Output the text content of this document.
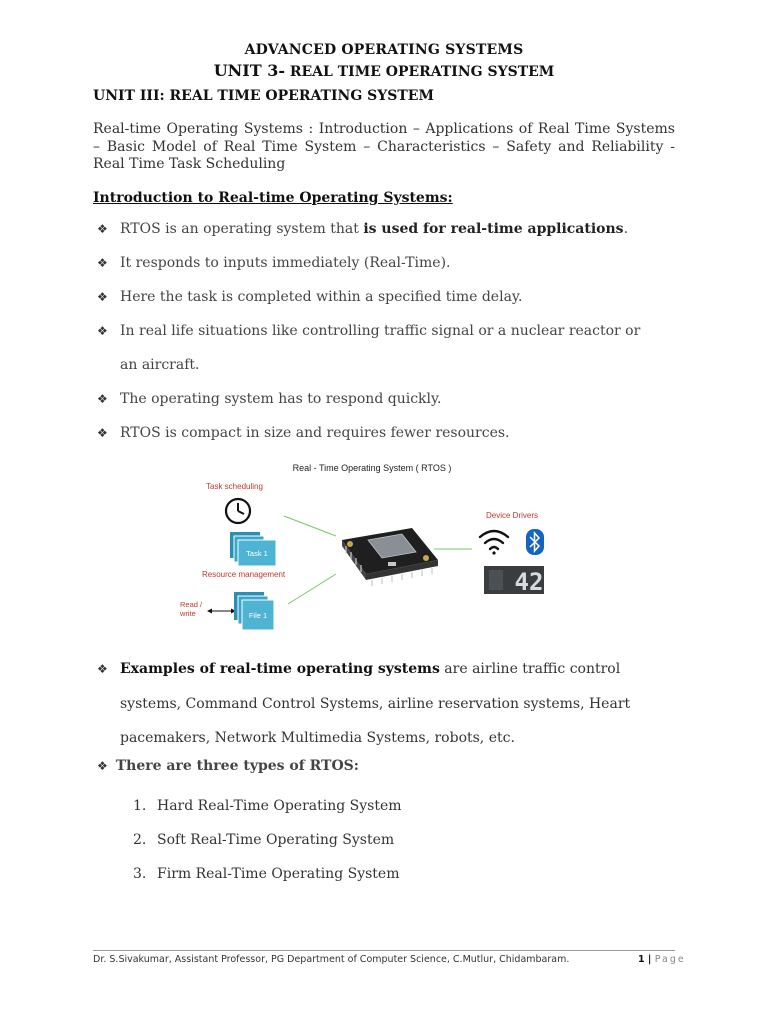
ADVANCED OPERATING SYSTEMS
UNIT 3- REAL TIME OPERATING SYSTEM
UNIT III: REAL TIME OPERATING SYSTEM
Real-time Operating Systems : Introduction – Applications of Real Time Systems – Basic Model of Real Time System – Characteristics – Safety and Reliability - Real Time Task Scheduling
Introduction to Real-time Operating Systems:
❖ RTOS is an operating system that is used for real-time applications.
❖ It responds to inputs immediately (Real-Time).
❖ Here the task is completed within a specified time delay.
❖ In real life situations like controlling traffic signal or a nuclear reactor or
an aircraft.
❖ The operating system has to respond quickly.
❖ RTOS is compact in size and requires fewer resources.
Real - Time Operating System ( RTOS )
Task scheduling
Task 1
Resource management
Read /
write	File 1
Device Drivers
42
❖ Examples of real-time operating systems are airline traffic control
systems, Command Control Systems, airline reservation systems, Heart
pacemakers, Network Multimedia Systems, robots, etc.
❖ There are three types of RTOS:
1. Hard Real-Time Operating System
2. Soft Real-Time Operating System
3. Firm Real-Time Operating System
Dr. S.Sivakumar, Assistant Professor, PG Department of Computer Science, C.Mutlur, Chidambaram.	1 | Page
